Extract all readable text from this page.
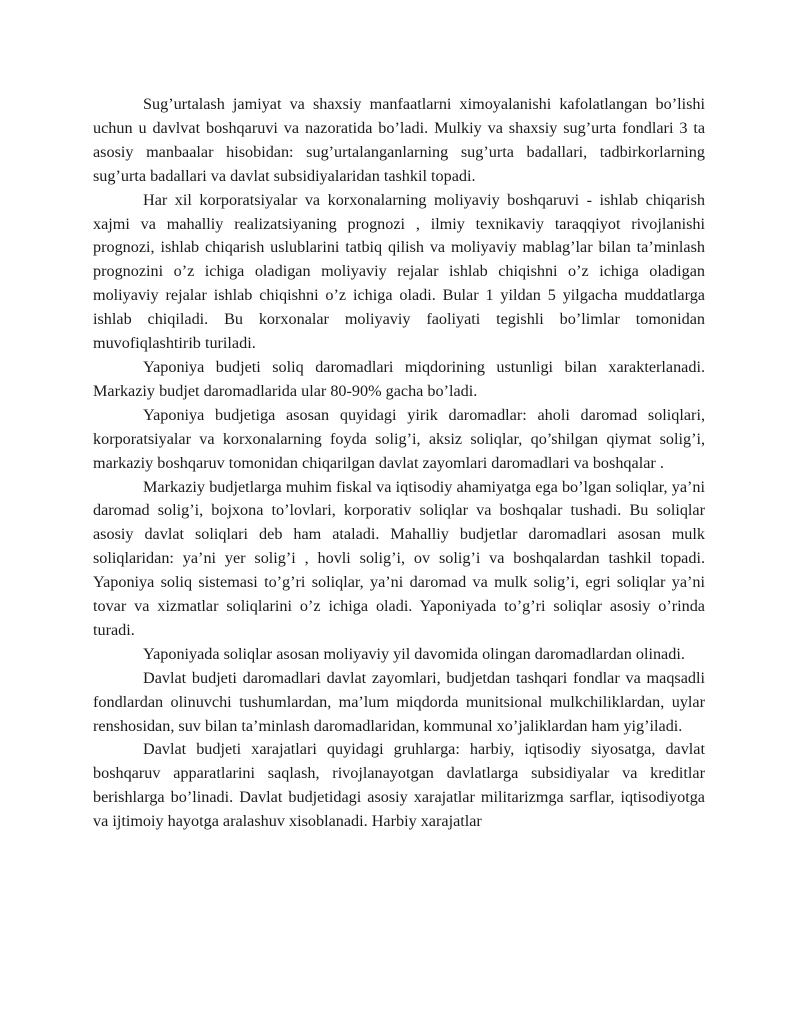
Sug’urtalash jamiyat va shaxsiy manfaatlarni ximoyalanishi kafolatlangan bo’lishi uchun u davlvat boshqaruvi va nazoratida bo’ladi. Mulkiy va shaxsiy sug’urta fondlari 3 ta asosiy manbaalar hisobidan: sug’urtalanganlarning sug’urta badallari, tadbirkorlarning sug’urta badallari va davlat subsidiyalaridan tashkil topadi.

Har xil korporatsiyalar va korxonalarning moliyaviy boshqaruvi - ishlab chiqarish xajmi va mahalliy realizatsiyaning prognozi , ilmiy texnikaviy taraqqiyot rivojlanishi prognozi, ishlab chiqarish uslublarini tatbiq qilish va moliyaviy mablag’lar bilan ta’minlash prognozini o’z ichiga oladigan moliyaviy rejalar ishlab chiqishni o’z ichiga oladigan moliyaviy rejalar ishlab chiqishni o’z ichiga oladi. Bular 1 yildan 5 yilgacha muddatlarga ishlab chiqiladi. Bu korxonalar moliyaviy faoliyati tegishli bo’limlar tomonidan muvofiqlashtirib turiladi.

Yaponiya budjeti soliq daromadlari miqdorining ustunligi bilan xarakterlanadi. Markaziy budjet daromadlarida ular 80-90% gacha bo’ladi.

Yaponiya budjetiga asosan quyidagi yirik daromadlar: aholi daromad soliqlari, korporatsiyalar va korxonalarning foyda solig’i, aksiz soliqlar, qo’shilgan qiymat solig’i, markaziy boshqaruv tomonidan chiqarilgan davlat zayomlari daromadlari va boshqalar .

Markaziy budjetlarga muhim fiskal va iqtisodiy ahamiyatga ega bo’lgan soliqlar, ya’ni daromad solig’i, bojxona to’lovlari, korporativ soliqlar va boshqalar tushadi. Bu soliqlar asosiy davlat soliqlari deb ham ataladi. Mahalliy budjetlar daromadlari asosan mulk soliqlaridan: ya’ni yer solig’i , hovli solig’i, ov solig’i va boshqalardan tashkil topadi. Yaponiya soliq sistemasi to’g’ri soliqlar, ya’ni daromad va mulk solig’i, egri soliqlar ya’ni tovar va xizmatlar soliqlarini o’z ichiga oladi. Yaponiyada to’g’ri soliqlar asosiy o’rinda turadi.

Yaponiyada soliqlar asosan moliyaviy yil davomida olingan daromadlardan olinadi.

Davlat budjeti daromadlari davlat zayomlari, budjetdan tashqari fondlar va maqsadli fondlardan olinuvchi tushumlardan, ma’lum miqdorda munitsional mulkchiliklardan, uylar renshosidan, suv bilan ta’minlash daromadlaridan, kommunal xo’jaliklardan ham yig’iladi.

Davlat budjeti xarajatlari quyidagi gruhlarga: harbiy, iqtisodiy siyosatga, davlat boshqaruv apparatlarini saqlash, rivojlanayotgan davlatlarga subsidiyalar va kreditlar berishlarga bo’linadi. Davlat budjetidagi asosiy xarajatlar militarizmga sarflar, iqtisodiyotga va ijtimoiy hayotga aralashuv xisoblanadi. Harbiy xarajatlar
